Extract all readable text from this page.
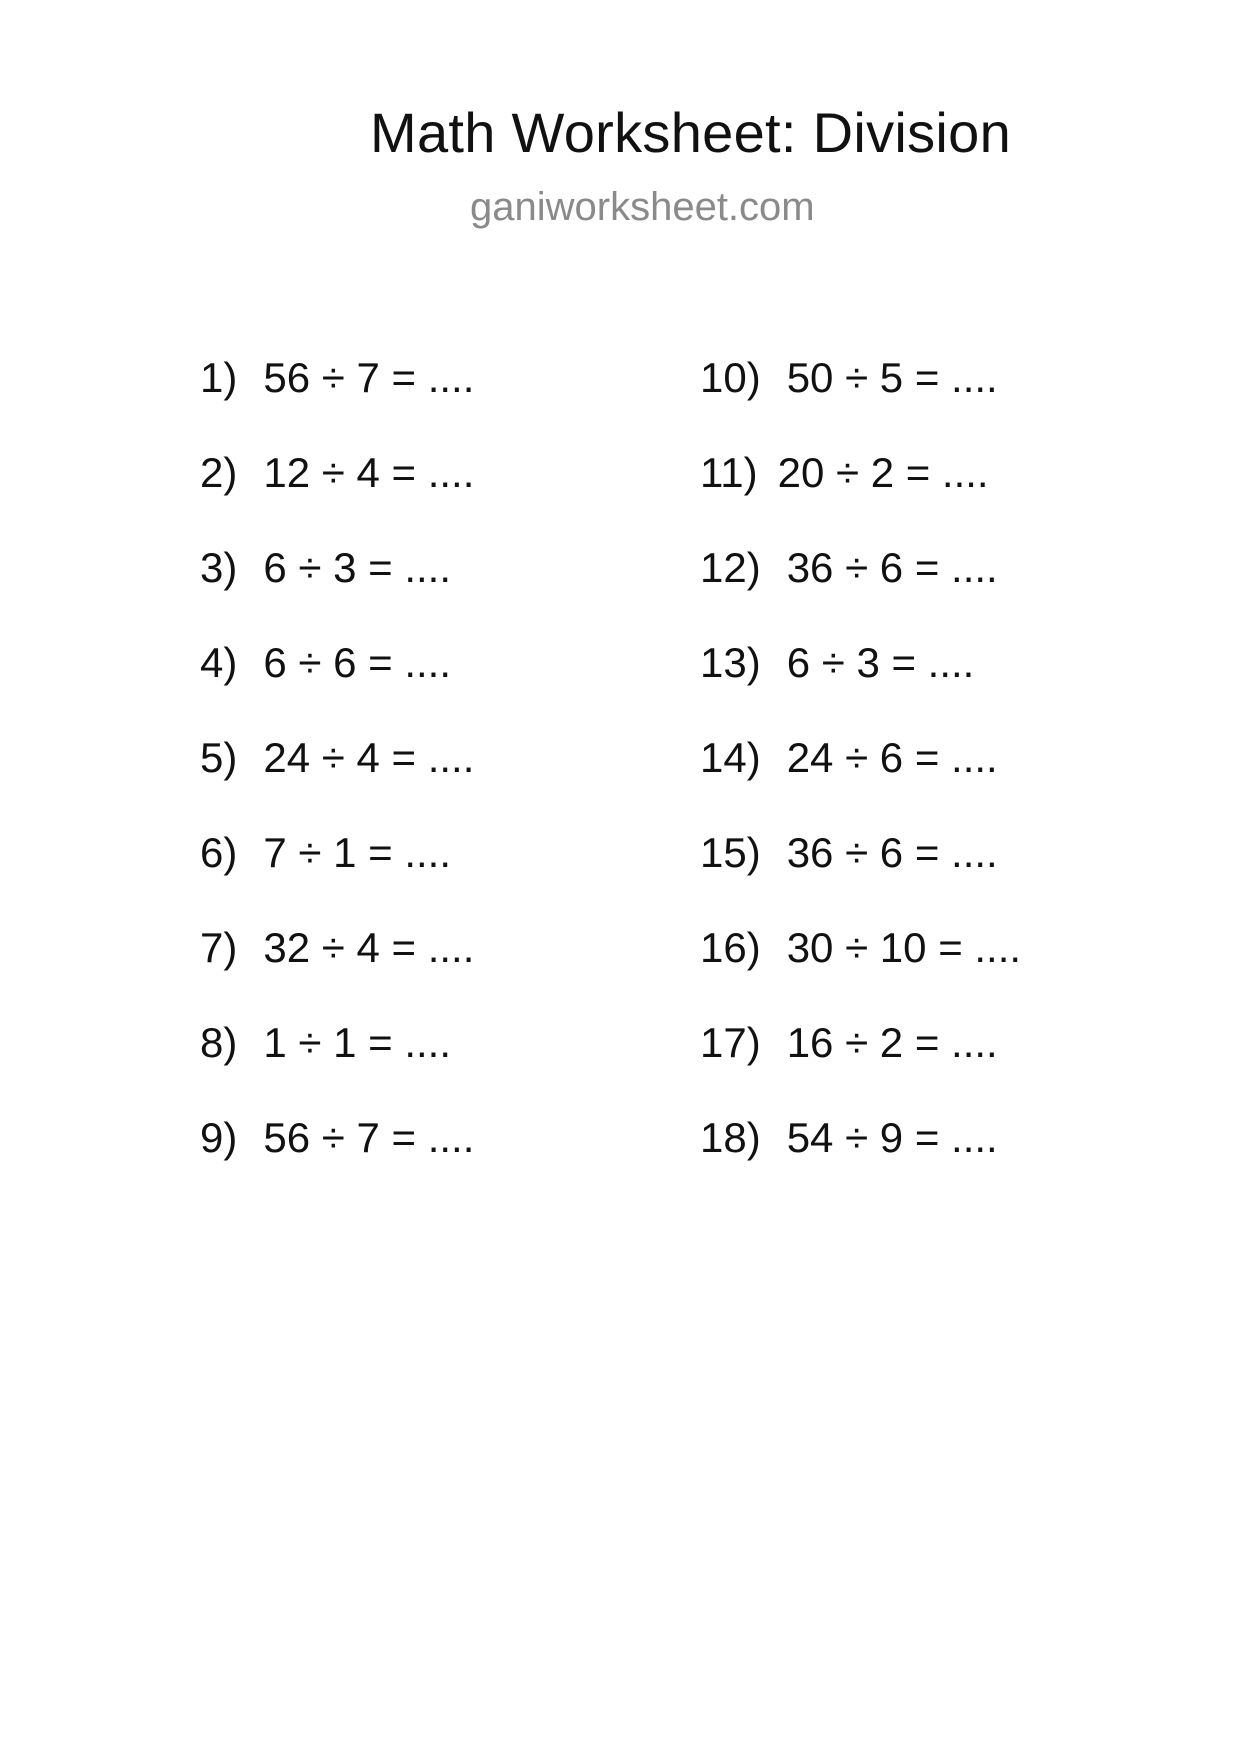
Math Worksheet: Division
ganiworksheet.com
1) 56 ÷ 7 = ....
2) 12 ÷ 4 = ....
3) 6 ÷ 3 = ....
4) 6 ÷ 6 = ....
5) 24 ÷ 4 = ....
6) 7 ÷ 1 = ....
7) 32 ÷ 4 = ....
8) 1 ÷ 1 = ....
9) 56 ÷ 7 = ....
10) 50 ÷ 5 = ....
11) 20 ÷ 2 = ....
12) 36 ÷ 6 = ....
13) 6 ÷ 3 = ....
14) 24 ÷ 6 = ....
15) 36 ÷ 6 = ....
16) 30 ÷ 10 = ....
17) 16 ÷ 2 = ....
18) 54 ÷ 9 = ....
